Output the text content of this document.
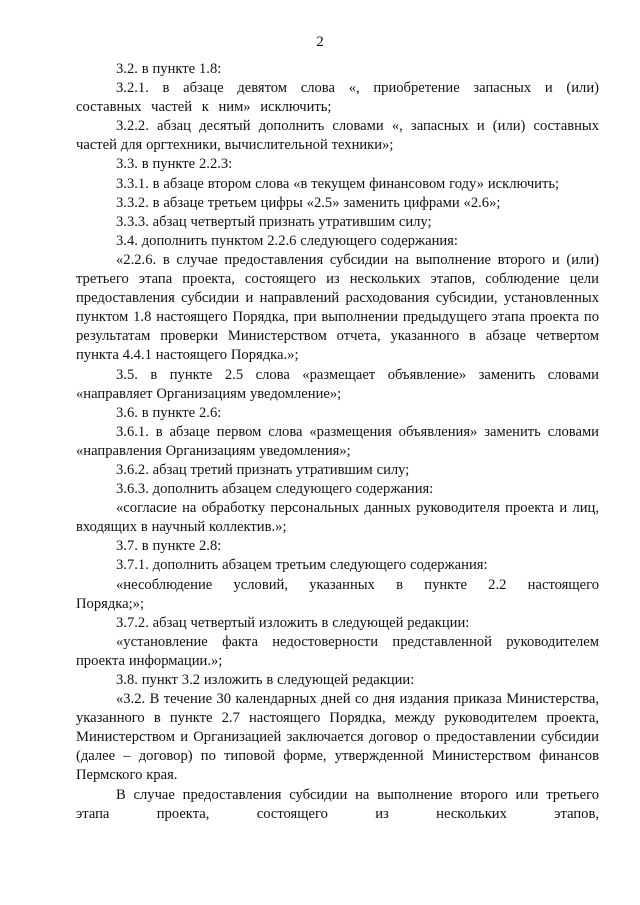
2

3.2. в пункте 1.8:

3.2.1. в абзаце девятом слова «, приобретение запасных и (или) составных частей к ним» исключить;

3.2.2. абзац десятый дополнить словами «, запасных и (или) составных частей для оргтехники, вычислительной техники»;

3.3. в пункте 2.2.3:

3.3.1. в абзаце втором слова «в текущем финансовом году» исключить;

3.3.2. в абзаце третьем цифры «2.5» заменить цифрами «2.6»;

3.3.3. абзац четвертый признать утратившим силу;

3.4. дополнить пунктом 2.2.6 следующего содержания:

«2.2.6. в случае предоставления субсидии на выполнение второго и (или) третьего этапа проекта, состоящего из нескольких этапов, соблюдение цели предоставления субсидии и направлений расходования субсидии, установленных пунктом 1.8 настоящего Порядка, при выполнении предыдущего этапа проекта по результатам проверки Министерством отчета, указанного в абзаце четвертом пункта 4.4.1 настоящего Порядка.»;

3.5. в пункте 2.5 слова «размещает объявление» заменить словами «направляет Организациям уведомление»;

3.6. в пункте 2.6:

3.6.1. в абзаце первом слова «размещения объявления» заменить словами «направления Организациям уведомления»;

3.6.2. абзац третий признать утратившим силу;

3.6.3. дополнить абзацем следующего содержания:

«согласие на обработку персональных данных руководителя проекта и лиц, входящих в научный коллектив.»;

3.7. в пункте 2.8:

3.7.1. дополнить абзацем третьим следующего содержания:

«несоблюдение условий, указанных в пункте 2.2 настоящего Порядка;»;

3.7.2. абзац четвертый изложить в следующей редакции:

«установление факта недостоверности представленной руководителем проекта информации.»;

3.8. пункт 3.2 изложить в следующей редакции:

«3.2. В течение 30 календарных дней со дня издания приказа Министерства, указанного в пункте 2.7 настоящего Порядка, между руководителем проекта, Министерством и Организацией заключается договор о предоставлении субсидии (далее – договор) по типовой форме, утвержденной Министерством финансов Пермского края.

В случае предоставления субсидии на выполнение второго или третьего этапа проекта, состоящего из нескольких этапов,
